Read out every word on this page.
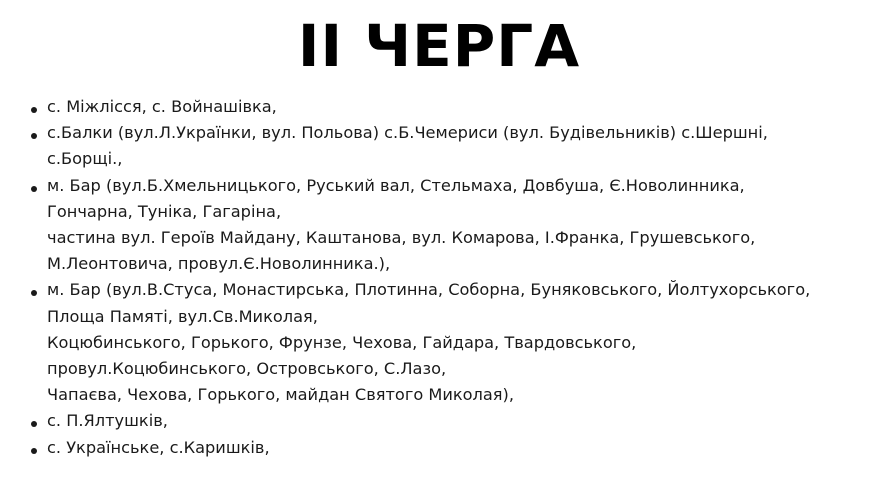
II ЧЕРГА
с. Міжлісся, с. Войнашівка,
с.Балки (вул.Л.Українки, вул. Польова) с.Б.Чемериси (вул. Будівельників) с.Шершні,
с.Борщі.,
м. Бар (вул.Б.Хмельницького, Руський вал, Стельмаха, Довбуша, Є.Новолинника,
Гончарна, Туніка, Гагаріна,
частина вул. Героїв Майдану, Каштанова, вул. Комарова, І.Франка, Грушевського,
М.Леонтовича, провул.Є.Новолинника.),
м. Бар (вул.В.Стуса, Монастирська, Плотинна, Соборна, Буняковського, Йолтухорського,
Площа Памяті, вул.Св.Миколая,
Коцюбинського, Горького, Фрунзе, Чехова, Гайдара, Твардовського,
провул.Коцюбинського, Островського, С.Лазо,
Чапаєва, Чехова, Горького, майдан Святого Миколая),
с. П.Ялтушків,
с. Українське, с.Каришків,
